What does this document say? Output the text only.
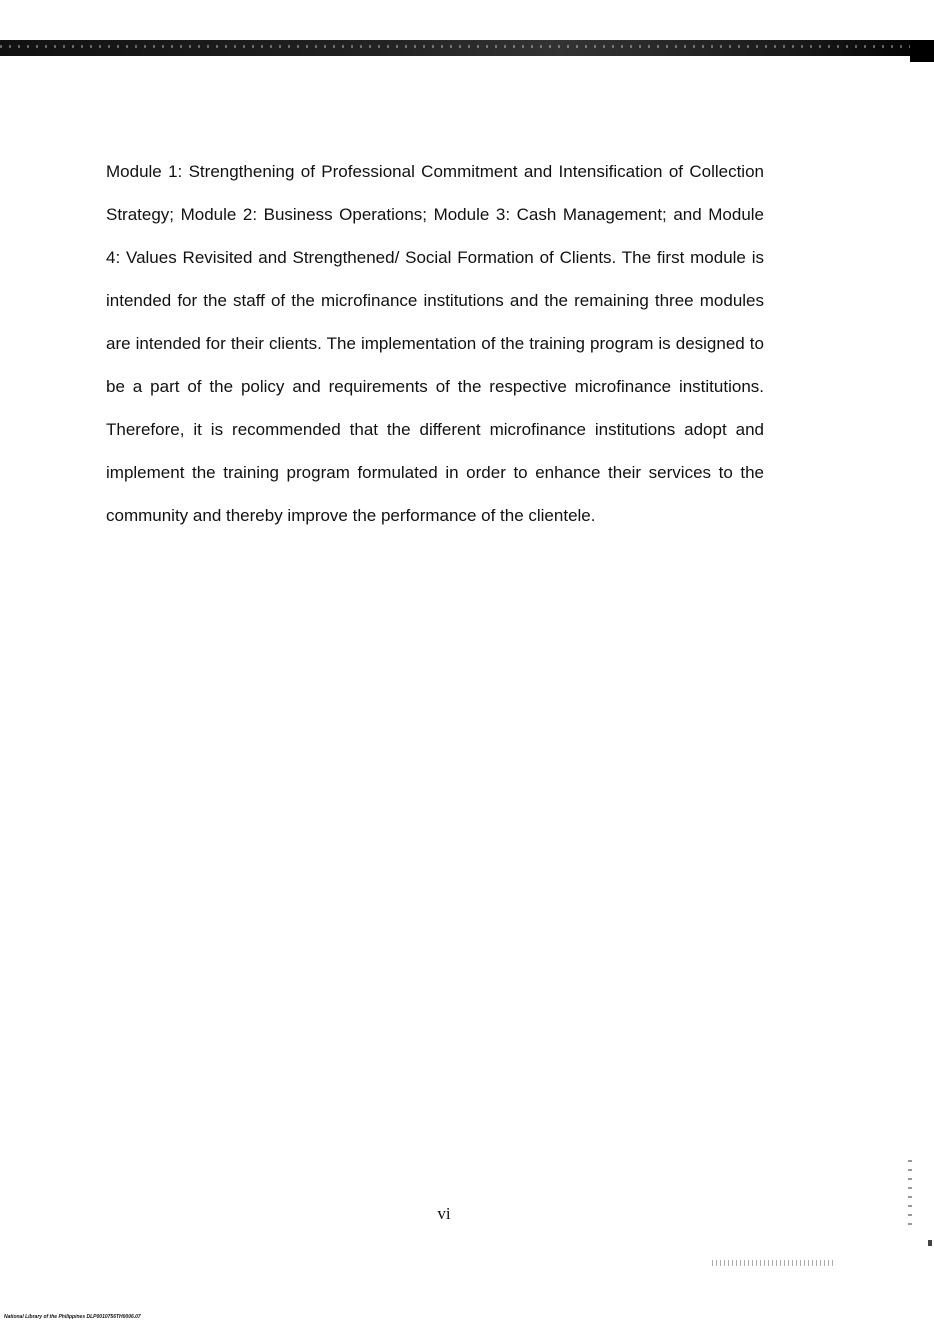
Module 1: Strengthening of Professional Commitment and Intensification of Collection Strategy; Module 2: Business Operations; Module 3: Cash Management; and Module 4: Values Revisited and Strengthened/ Social Formation of Clients. The first module is intended for the staff of the microfinance institutions and the remaining three modules are intended for their clients. The implementation of the training program is designed to be a part of the policy and requirements of the respective microfinance institutions. Therefore, it is recommended that the different microfinance institutions adopt and implement the training program formulated in order to enhance their services to the community and thereby improve the performance of the clientele.

vi
National Library of the Philippines DLP0010756TH0006.07
